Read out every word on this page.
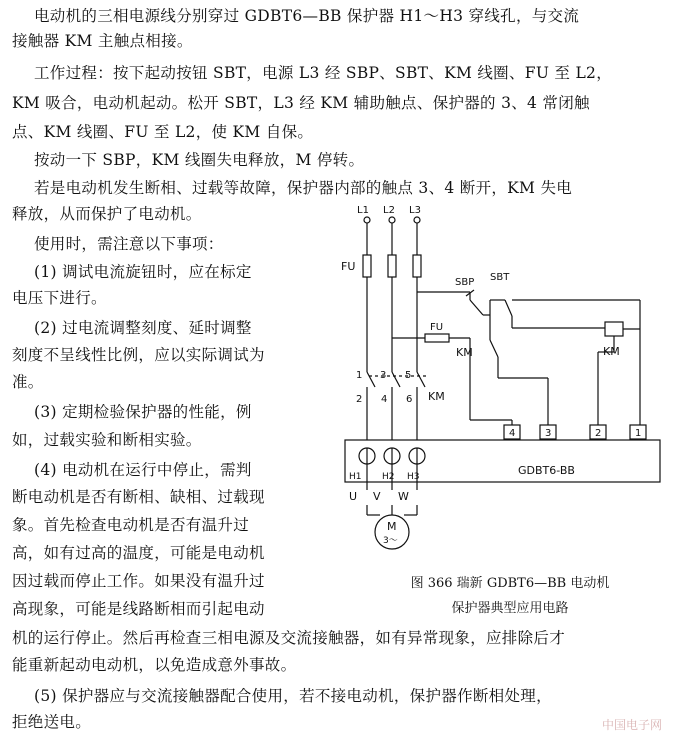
电动机的三相电源线分别穿过 GDBT6—BB 保护器 H1～H3 穿线孔，与交流
接触器 KM 主触点相接。
工作过程：按下起动按钮 SBT，电源 L3 经 SBP、SBT、KM 线圈、FU 至 L2，
KM 吸合，电动机起动。松开 SBT，L3 经 KM 辅助触点、保护器的 3、4 常闭触
点、KM 线圈、FU 至 L2，使 KM 自保。
按动一下 SBP，KM 线圈失电释放，M 停转。
若是电动机发生断相、过载等故障，保护器内部的触点 3、4 断开，KM 失电
释放，从而保护了电动机。
使用时，需注意以下事项：
(1) 调试电流旋钮时，应在标定
电压下进行。
(2) 过电流调整刻度、延时调整
刻度不呈线性比例，应以实际调试为
准。
(3) 定期检验保护器的性能，例
如，过载实验和断相实验。
(4) 电动机在运行中停止，需判
断电动机是否有断相、缺相、过载现
象。首先检查电动机是否有温升过
高，如有过高的温度，可能是电动机
因过载而停止工作。如果没有温升过
高现象，可能是线路断相而引起电动
机的运行停止。然后再检查三相电源及交流接触器，如有异常现象，应排除后才
能重新起动电动机，以免造成意外事故。
(5) 保护器应与交流接触器配合使用，若不接电动机，保护器作断相处理，
拒绝送电。	中国电子网
L1 L2 L3
FU
SBP SBT
FU
KM	KM
KM
1 3 5
2 4 6
4	3	2	1
GDBT6-BB
H1 H2 H3
U V W
M
3～
图 366 瑞新 GDBT6—BB 电动机
保护器典型应用电路
